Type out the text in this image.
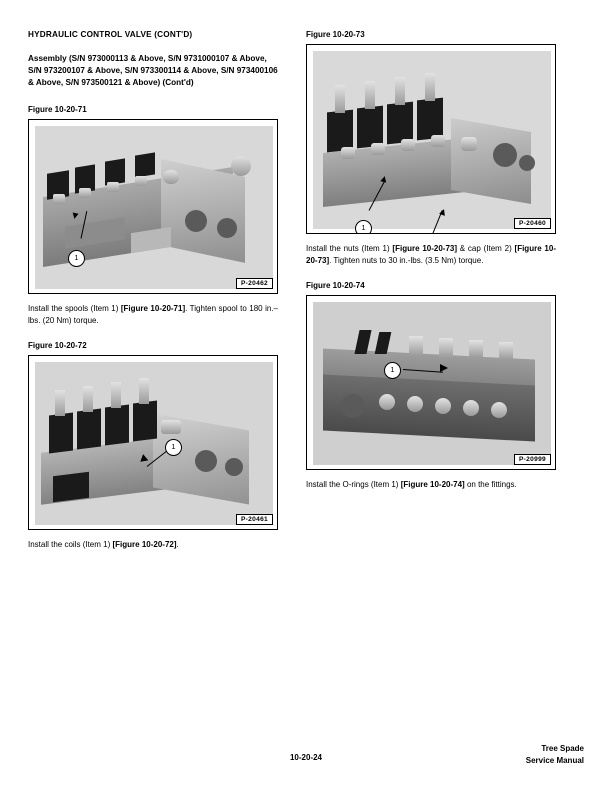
HYDRAULIC CONTROL VALVE (CONT'D)
Assembly (S/N 973000113 & Above, S/N 9731000107 & Above, S/N 973200107 & Above, S/N 973300114 & Above, S/N 973400106 & Above, S/N 973500121 & Above) (Cont'd)
Figure 10-20-71
1
P-20462
Install the spools (Item 1) [Figure 10-20-71]. Tighten spool to 180 in.–lbs. (20 Nm) torque.
Figure 10-20-72
1
P-20461
Install the coils (Item 1) [Figure 10-20-72].
Figure 10-20-73
1	P-20460
Install the nuts (Item 1) [Figure 10-20-73] & cap (Item 2) [Figure 10-20-73]. Tighten nuts to 30 in.-lbs. (3.5 Nm) torque.
Figure 10-20-74
1
P-20999
Install the O-rings (Item 1) [Figure 10-20-74] on the fittings.
10-20-24
Tree Spade
Service Manual
